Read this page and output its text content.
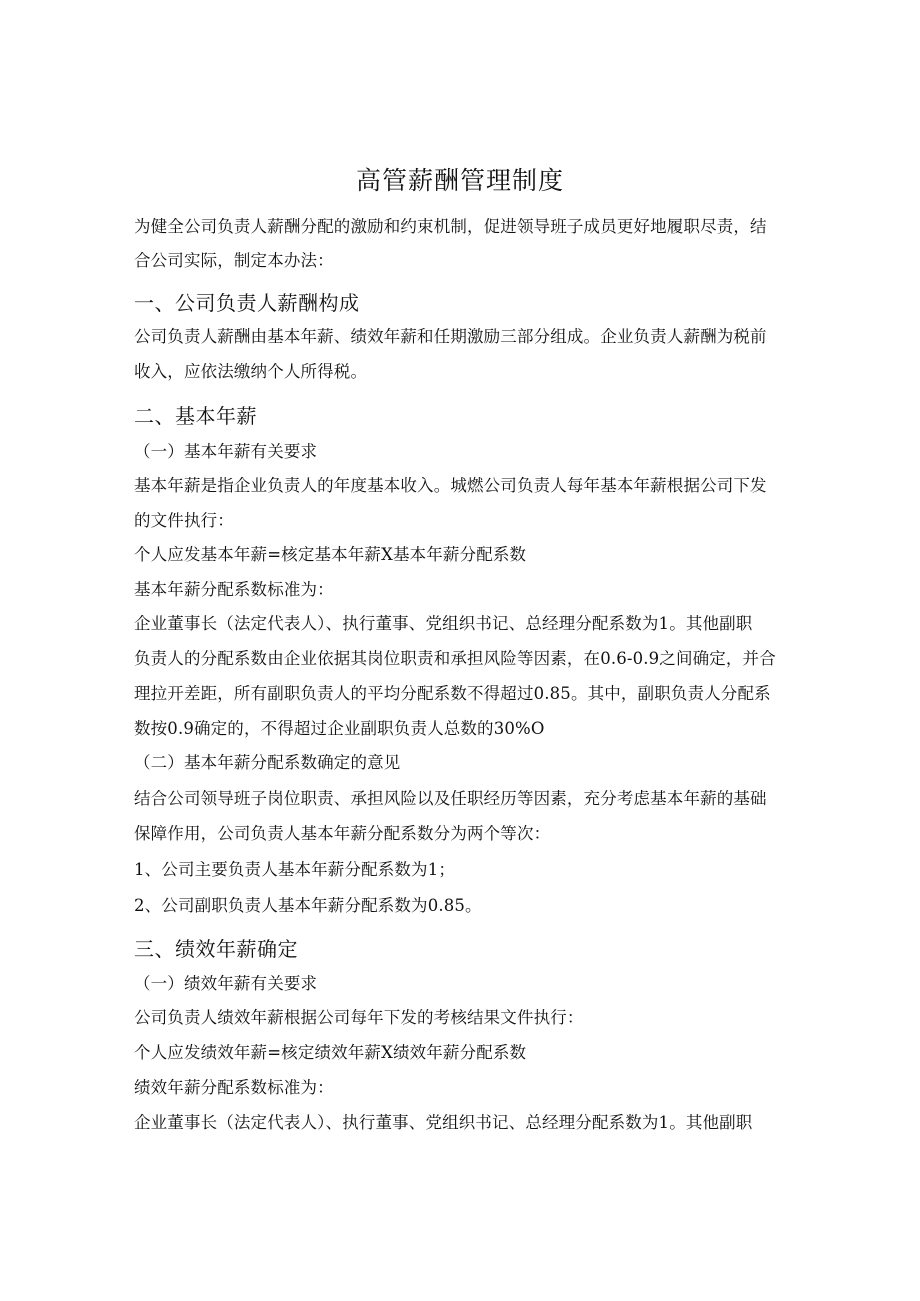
高管薪酬管理制度
为健全公司负责人薪酬分配的激励和约束机制，促进领导班子成员更好地履职尽责，结
合公司实际，制定本办法：
一、公司负责人薪酬构成
公司负责人薪酬由基本年薪、绩效年薪和任期激励三部分组成。企业负责人薪酬为税前
收入，应依法缴纳个人所得税。
二、基本年薪
（一）基本年薪有关要求
基本年薪是指企业负责人的年度基本收入。城燃公司负责人每年基本年薪根据公司下发
的文件执行：
个人应发基本年薪=核定基本年薪X基本年薪分配系数
基本年薪分配系数标准为：
企业董事长（法定代表人）、执行董事、党组织书记、总经理分配系数为1。其他副职
负责人的分配系数由企业依据其岗位职责和承担风险等因素，在0.6-0.9之间确定，并合
理拉开差距，所有副职负责人的平均分配系数不得超过0.85。其中，副职负责人分配系
数按0.9确定的，不得超过企业副职负责人总数的30%O
（二）基本年薪分配系数确定的意见
结合公司领导班子岗位职责、承担风险以及任职经历等因素，充分考虑基本年薪的基础
保障作用，公司负责人基本年薪分配系数分为两个等次：
1、公司主要负责人基本年薪分配系数为1；
2、公司副职负责人基本年薪分配系数为0.85。
三、绩效年薪确定
（一）绩效年薪有关要求
公司负责人绩效年薪根据公司每年下发的考核结果文件执行：
个人应发绩效年薪=核定绩效年薪X绩效年薪分配系数
绩效年薪分配系数标准为：
企业董事长（法定代表人）、执行董事、党组织书记、总经理分配系数为1。其他副职
